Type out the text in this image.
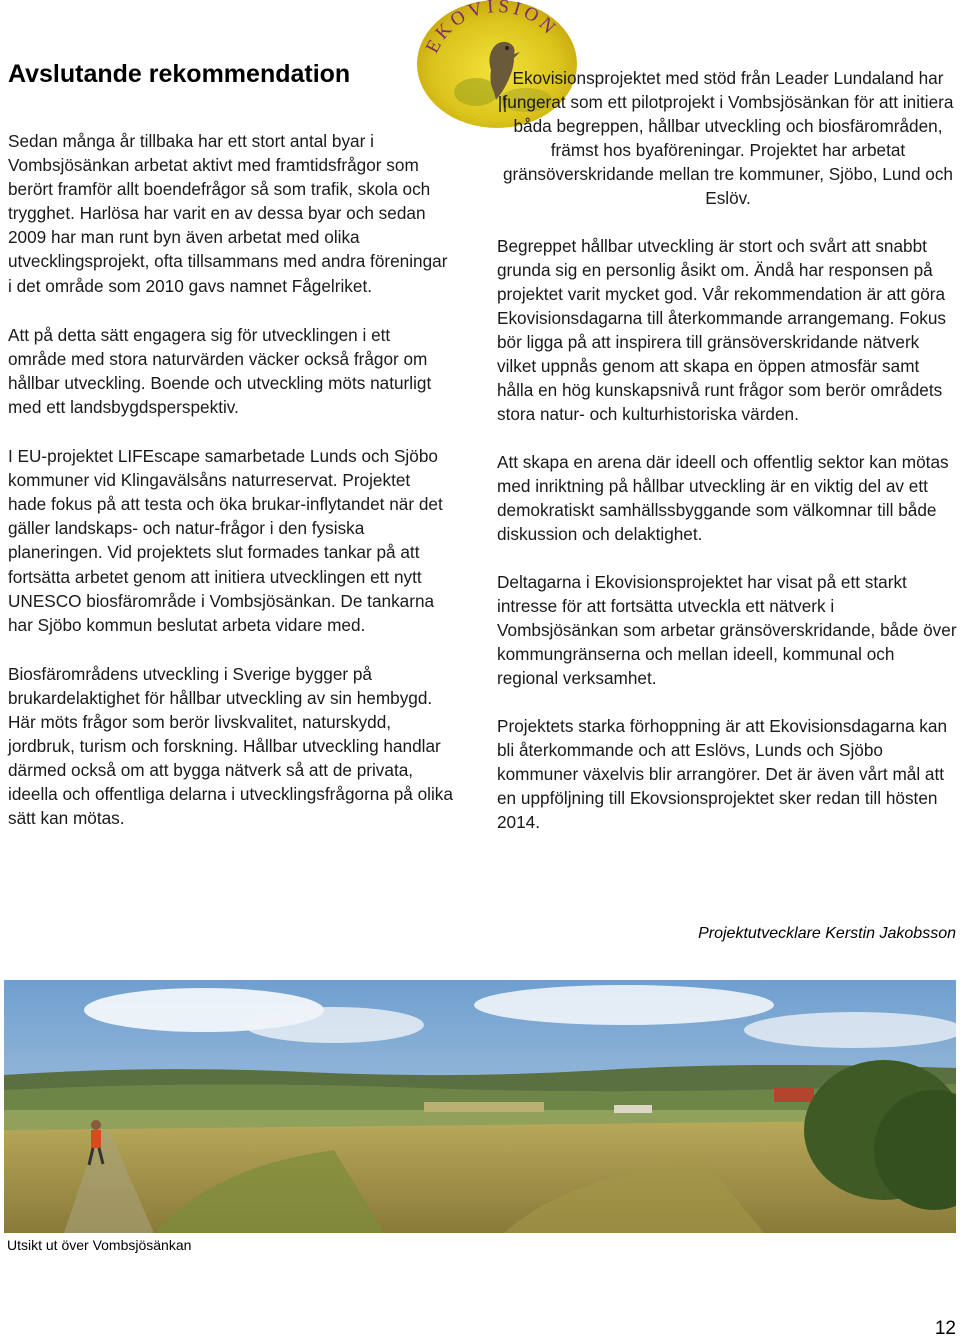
EKOVISION
Avslutande rekommendation

Sedan många år tillbaka har ett stort antal byar i Vombsjösänkan arbetat aktivt med framtidsfrågor som berört framför allt boendefrågor så som trafik, skola och trygghet. Harlösa har varit en av dessa byar och sedan 2009 har man runt byn även arbetat med olika utvecklingsprojekt, ofta tillsammans med andra föreningar i det område som 2010 gavs namnet Fågelriket.

Att på detta sätt engagera sig för utvecklingen i ett område med stora naturvärden väcker också frågor om hållbar utveckling. Boende och utveckling möts naturligt med ett landsbygdsperspektiv.

I EU-projektet LIFEscape samarbetade Lunds och Sjöbo kommuner vid Klingavälsåns naturreservat. Projektet hade fokus på att testa och öka brukar-inflytandet när det gäller landskaps- och natur-frågor i den fysiska planeringen. Vid projektets slut formades tankar på att fortsätta arbetet genom att initiera utvecklingen ett nytt UNESCO biosfärområde i Vombsjösänkan. De tankarna har Sjöbo kommun beslutat arbeta vidare med.

Biosfärområdens utveckling i Sverige bygger på brukardelaktighet för hållbar utveckling av sin hembygd. Här möts frågor som berör livskvalitet, naturskydd, jordbruk, turism och forskning. Hållbar utveckling handlar därmed också om att bygga nätverk så att de privata, ideella och offentliga delarna i utvecklingsfrågorna på olika sätt kan mötas.

Ekovisionsprojektet med stöd från Leader Lundaland har fungerat som ett pilotprojekt i Vombsjösänkan för att initiera båda begreppen, hållbar utveckling och biosfärområden, främst hos byaföreningar. Projektet har arbetat gränsöverskridande mellan tre kommuner, Sjöbo, Lund och Eslöv.

Begreppet hållbar utveckling är stort och svårt att snabbt grunda sig en personlig åsikt om. Ändå har responsen på projektet varit mycket god. Vår rekommendation är att göra Ekovisionsdagarna till återkommande arrangemang. Fokus bör ligga på att inspirera till gränsöverskridande nätverk vilket uppnås genom att skapa en öppen atmosfär samt hålla en hög kunskapsnivå runt frågor som berör områdets stora natur- och kulturhistoriska värden.

Att skapa en arena där ideell och offentlig sektor kan mötas med inriktning på hållbar utveckling är en viktig del av ett demokratiskt samhällssbyggande som välkomnar till både diskussion och delaktighet.

Deltagarna i Ekovisionsprojektet har visat på ett starkt intresse för att fortsätta utveckla ett nätverk i Vombsjösänkan som arbetar gränsöverskridande, både över kommungränserna och mellan ideell, kommunal och regional verksamhet.

Projektets starka förhoppning är att Ekovisionsdagarna kan bli återkommande och att Eslövs, Lunds och Sjöbo kommuner växelvis blir arrangörer. Det är även vårt mål att en uppföljning till Ekovsionsprojektet sker redan till hösten 2014.

Projektutvecklare Kerstin Jakobsson
Utsikt ut över Vombsjösänkan
12
